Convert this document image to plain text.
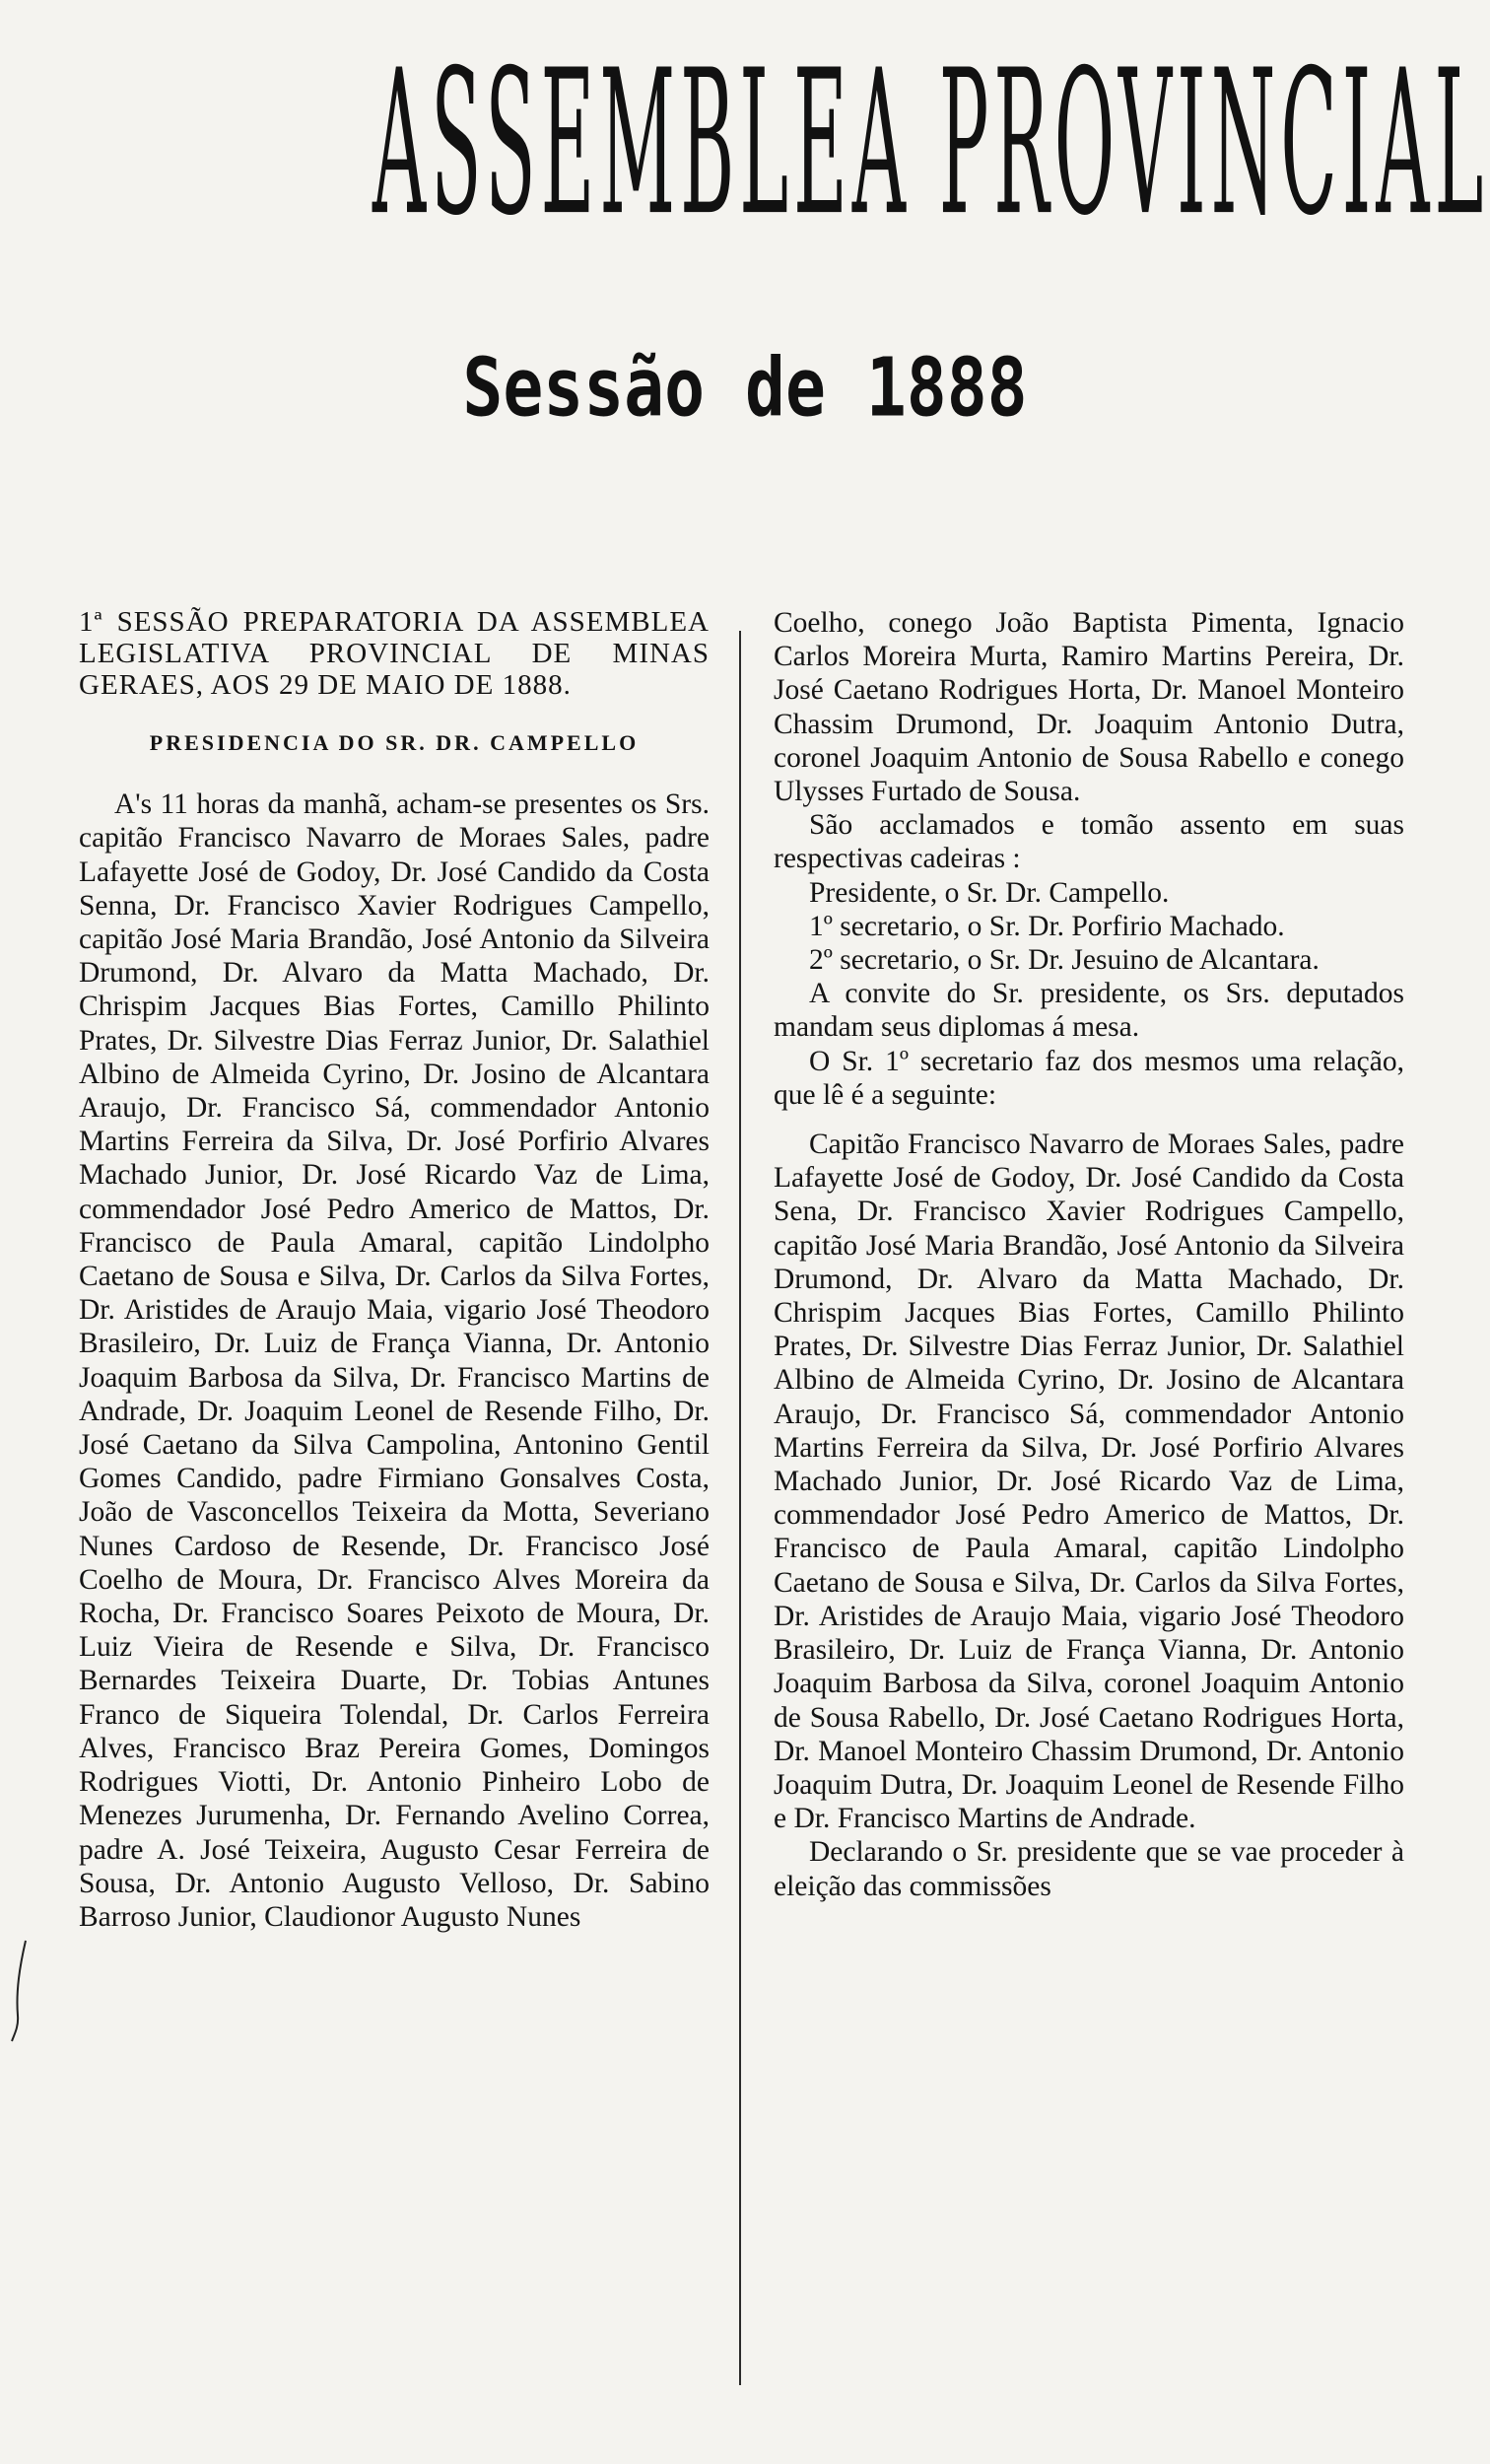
ASSEMBLEA PROVINCIAL
Sessão de 1888

1ª SESSÃO PREPARATORIA DA ASSEMBLEA LEGISLATIVA PROVINCIAL DE MINAS GERAES, AOS 29 DE MAIO DE 1888.

PRESIDENCIA DO SR. DR. CAMPELLO

A's 11 horas da manhã, acham-se presentes os Srs. capitão Francisco Navarro de Moraes Sales, padre Lafayette José de Godoy, Dr. José Candido da Costa Senna, Dr. Francisco Xavier Rodrigues Campello, capitão José Maria Brandão, José Antonio da Silveira Drumond, Dr. Alvaro da Matta Machado, Dr. Chrispim Jacques Bias Fortes, Camillo Philinto Prates, Dr. Silvestre Dias Ferraz Junior, Dr. Salathiel Albino de Almeida Cyrino, Dr. Josino de Alcantara Araujo, Dr. Francisco Sá, commendador Antonio Martins Ferreira da Silva, Dr. José Porfirio Alvares Machado Junior, Dr. José Ricardo Vaz de Lima, commendador José Pedro Americo de Mattos, Dr. Francisco de Paula Amaral, capitão Lindolpho Caetano de Sousa e Silva, Dr. Carlos da Silva Fortes, Dr. Aristides de Araujo Maia, vigario José Theodoro Brasileiro, Dr. Luiz de França Vianna, Dr. Antonio Joaquim Barbosa da Silva, Dr. Francisco Martins de Andrade, Dr. Joaquim Leonel de Resende Filho, Dr. José Caetano da Silva Campolina, Antonino Gentil Gomes Candido, padre Firmiano Gonsalves Costa, João de Vasconcellos Teixeira da Motta, Severiano Nunes Cardoso de Resende, Dr. Francisco José Coelho de Moura, Dr. Francisco Alves Moreira da Rocha, Dr. Francisco Soares Peixoto de Moura, Dr. Luiz Vieira de Resende e Silva, Dr. Francisco Bernardes Teixeira Duarte, Dr. Tobias Antunes Franco de Siqueira Tolendal, Dr. Carlos Ferreira Alves, Francisco Braz Pereira Gomes, Domingos Rodrigues Viotti, Dr. Antonio Pinheiro Lobo de Menezes Jurumenha, Dr. Fernando Avelino Correa, padre A. José Teixeira, Augusto Cesar Ferreira de Sousa, Dr. Antonio Augusto Velloso, Dr. Sabino Barroso Junior, Claudionor Augusto Nunes

Coelho, conego João Baptista Pimenta, Ignacio Carlos Moreira Murta, Ramiro Martins Pereira, Dr. José Caetano Rodrigues Horta, Dr. Manoel Monteiro Chassim Drumond, Dr. Joaquim Antonio Dutra, coronel Joaquim Antonio de Sousa Rabello e conego Ulysses Furtado de Sousa.

São acclamados e tomão assento em suas respectivas cadeiras :

Presidente, o Sr. Dr. Campello.

1º secretario, o Sr. Dr. Porfirio Machado.

2º secretario, o Sr. Dr. Jesuino de Alcantara.

A convite do Sr. presidente, os Srs. deputados mandam seus diplomas á mesa.

O Sr. 1º secretario faz dos mesmos uma relação, que lê é a seguinte:

Capitão Francisco Navarro de Moraes Sales, padre Lafayette José de Godoy, Dr. José Candido da Costa Sena, Dr. Francisco Xavier Rodrigues Campello, capitão José Maria Brandão, José Antonio da Silveira Drumond, Dr. Alvaro da Matta Machado, Dr. Chrispim Jacques Bias Fortes, Camillo Philinto Prates, Dr. Silvestre Dias Ferraz Junior, Dr. Salathiel Albino de Almeida Cyrino, Dr. Josino de Alcantara Araujo, Dr. Francisco Sá, commendador Antonio Martins Ferreira da Silva, Dr. José Porfirio Alvares Machado Junior, Dr. José Ricardo Vaz de Lima, commendador José Pedro Americo de Mattos, Dr. Francisco de Paula Amaral, capitão Lindolpho Caetano de Sousa e Silva, Dr. Carlos da Silva Fortes, Dr. Aristides de Araujo Maia, vigario José Theodoro Brasileiro, Dr. Luiz de França Vianna, Dr. Antonio Joaquim Barbosa da Silva, coronel Joaquim Antonio de Sousa Rabello, Dr. José Caetano Rodrigues Horta, Dr. Manoel Monteiro Chassim Drumond, Dr. Antonio Joaquim Dutra, Dr. Joaquim Leonel de Resende Filho e Dr. Francisco Martins de Andrade.

Declarando o Sr. presidente que se vae proceder à eleição das commissões
